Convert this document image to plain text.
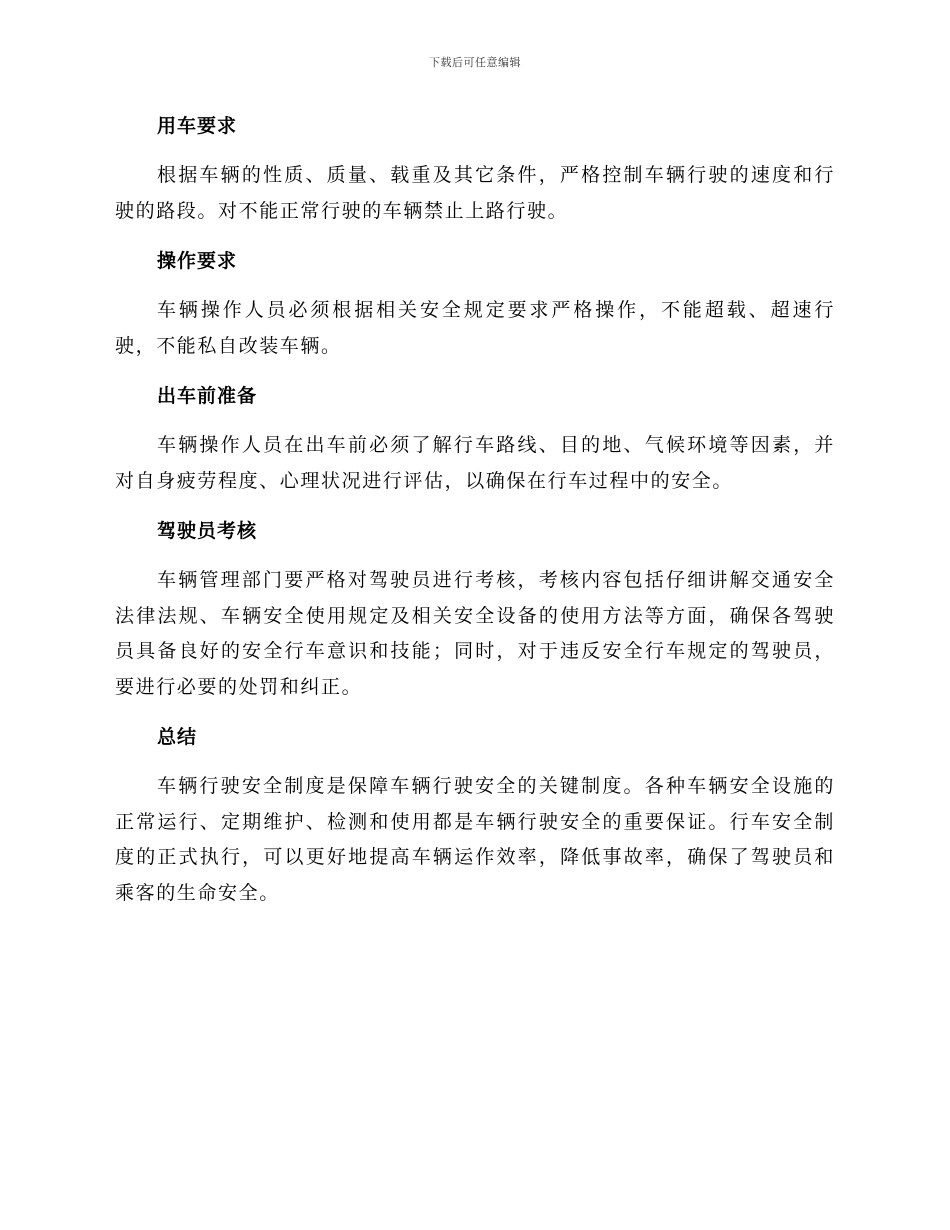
下载后可任意编辑
用车要求

根据车辆的性质、质量、载重及其它条件，严格控制车辆行驶的速度和行驶的路段。对不能正常行驶的车辆禁止上路行驶。

操作要求

车辆操作人员必须根据相关安全规定要求严格操作，不能超载、超速行驶，不能私自改装车辆。

出车前准备

车辆操作人员在出车前必须了解行车路线、目的地、气候环境等因素，并对自身疲劳程度、心理状况进行评估，以确保在行车过程中的安全。

驾驶员考核

车辆管理部门要严格对驾驶员进行考核，考核内容包括仔细讲解交通安全法律法规、车辆安全使用规定及相关安全设备的使用方法等方面，确保各驾驶员具备良好的安全行车意识和技能；同时，对于违反安全行车规定的驾驶员，要进行必要的处罚和纠正。

总结

车辆行驶安全制度是保障车辆行驶安全的关键制度。各种车辆安全设施的正常运行、定期维护、检测和使用都是车辆行驶安全的重要保证。行车安全制度的正式执行，可以更好地提高车辆运作效率，降低事故率，确保了驾驶员和乘客的生命安全。
